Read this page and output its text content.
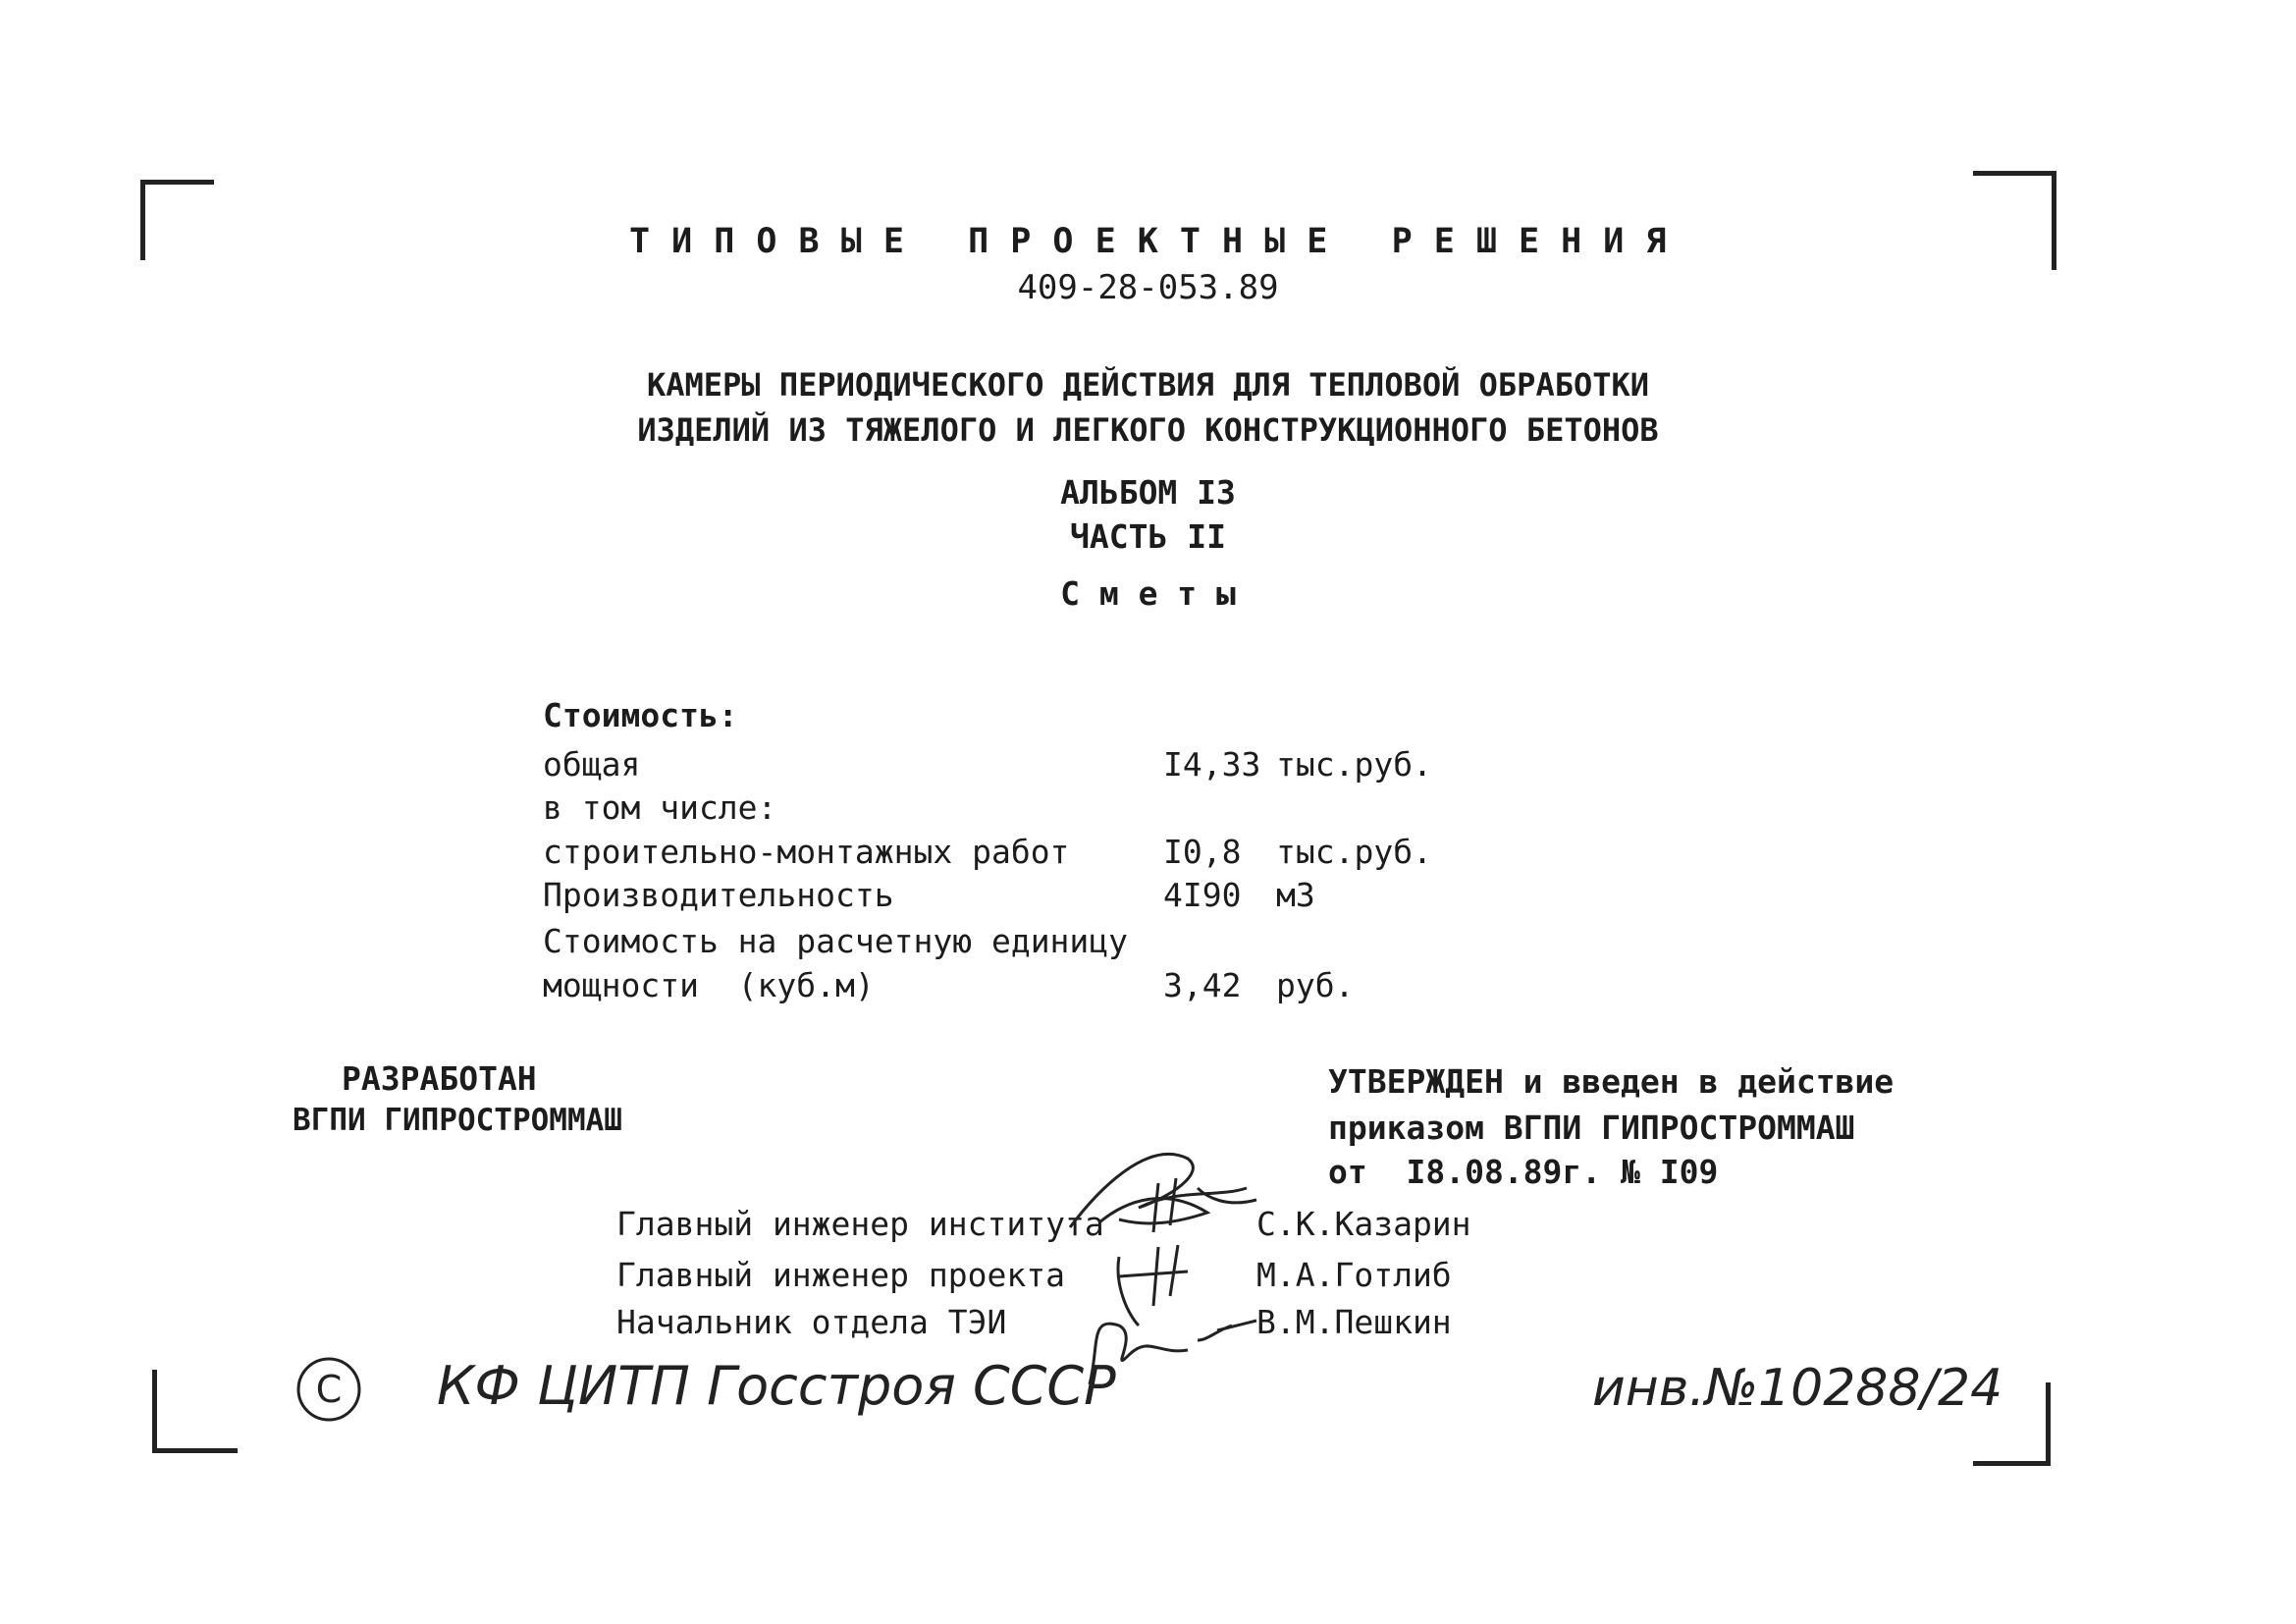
Т И П О В Ы Е   П Р О Е К Т Н Ы Е   Р Е Ш Е Н И Я
409-28-053.89
КАМЕРЫ ПЕРИОДИЧЕСКОГО ДЕЙСТВИЯ ДЛЯ ТЕПЛОВОЙ ОБРАБОТКИ
ИЗДЕЛИЙ ИЗ ТЯЖЕЛОГО И ЛЕГКОГО КОНСТРУКЦИОННОГО БЕТОНОВ
АЛЬБОМ I3
ЧАСТЬ II
С м е т ы
Стоимость:
общая	I4,33 тыс.руб.
в том числе:
строительно-монтажных работ	I0,8 тыс.руб.
Производительность	4I90 м3
Стоимость на расчетную единицу
мощности  (куб.м)	3,42 руб.
РАЗРАБОТАН
ВГПИ ГИПРОСТРОММАШ
УТВЕРЖДЕН и введен в действие
приказом ВГПИ ГИПРОСТРОММАШ
от  I8.08.89г. № I09
Главный инженер института	С.К.Казарин
Главный инженер проекта	М.А.Готлиб
Начальник отдела ТЭИ	В.М.Пешкин
C КФ ЦИТП Госстроя СССР	инв.№10288/24
